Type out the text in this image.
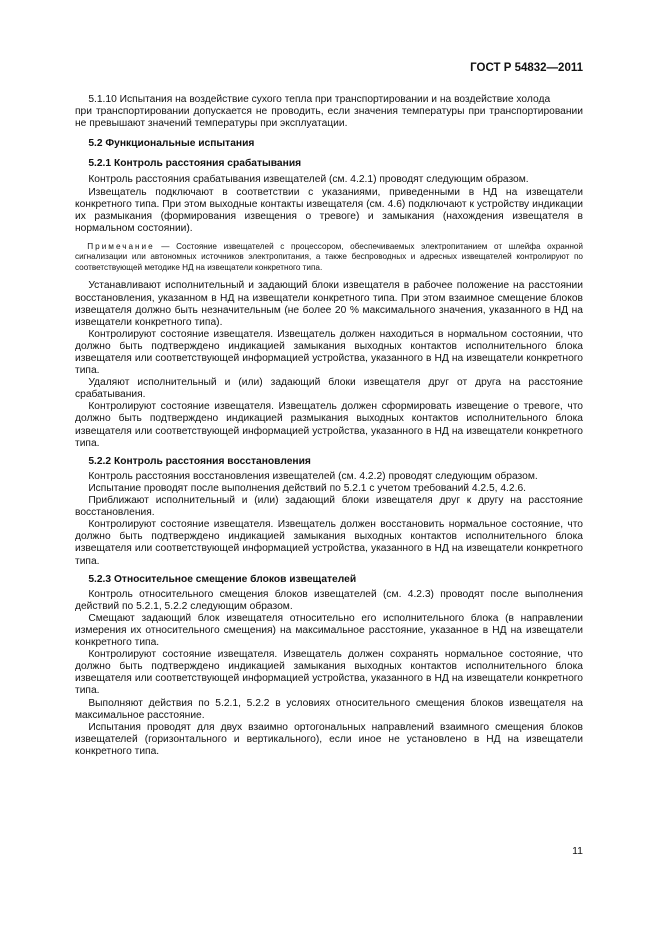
ГОСТ Р 54832—2011

5.1.10 Испытания на воздействие сухого тепла при транспортировании и на воздействие холода

при транспортировании допускается не проводить, если значения температуры при транспортировании не превышают значений температуры при эксплуатации.

5.2 Функциональные испытания

5.2.1 Контроль расстояния срабатывания

Контроль расстояния срабатывания извещателей (см. 4.2.1) проводят следующим образом.

Извещатель подключают в соответствии с указаниями, приведенными в НД на извещатели конкретного типа. При этом выходные контакты извещателя (см. 4.6) подключают к устройству индикации их размыкания (формирования извещения о тревоге) и замыкания (нахождения извещателя в нормальном состоянии).

Примечание — Состояние извещателей с процессором, обеспечиваемых электропитанием от шлейфа охранной сигнализации или автономных источников электропитания, а также беспроводных и адресных извещателей контролируют по соответствующей методике НД на извещатели конкретного типа.

Устанавливают исполнительный и задающий блоки извещателя в рабочее положение на расстоянии восстановления, указанном в НД на извещатели конкретного типа. При этом взаимное смещение блоков извещателя должно быть незначительным (не более 20 % максимального значения, указанного в НД на извещатели конкретного типа).

Контролируют состояние извещателя. Извещатель должен находиться в нормальном состоянии, что должно быть подтверждено индикацией замыкания выходных контактов исполнительного блока извещателя или соответствующей информацией устройства, указанного в НД на извещатели конкретного типа.

Удаляют исполнительный и (или) задающий блоки извещателя друг от друга на расстояние срабатывания.

Контролируют состояние извещателя. Извещатель должен сформировать извещение о тревоге, что должно быть подтверждено индикацией размыкания выходных контактов исполнительного блока извещателя или соответствующей информацией устройства, указанного в НД на извещатели конкретного типа.

5.2.2 Контроль расстояния восстановления

Контроль расстояния восстановления извещателей (см. 4.2.2) проводят следующим образом.

Испытание проводят после выполнения действий по 5.2.1 с учетом требований 4.2.5, 4.2.6.

Приближают исполнительный и (или) задающий блоки извещателя друг к другу на расстояние восстановления.

Контролируют состояние извещателя. Извещатель должен восстановить нормальное состояние, что должно быть подтверждено индикацией замыкания выходных контактов исполнительного блока извещателя или соответствующей информацией устройства, указанного в НД на извещатели конкретного типа.

5.2.3 Относительное смещение блоков извещателей

Контроль относительного смещения блоков извещателей (см. 4.2.3) проводят после выполнения действий по 5.2.1, 5.2.2 следующим образом.

Смещают задающий блок извещателя относительно его исполнительного блока (в направлении измерения их относительного смещения) на максимальное расстояние, указанное в НД на извещатели конкретного типа.

Контролируют состояние извещателя. Извещатель должен сохранять нормальное состояние, что должно быть подтверждено индикацией замыкания выходных контактов исполнительного блока извещателя или соответствующей информацией устройства, указанного в НД на извещатели конкретного типа.

Выполняют действия по 5.2.1, 5.2.2 в условиях относительного смещения блоков извещателя на максимальное расстояние.

Испытания проводят для двух взаимно ортогональных направлений взаимного смещения блоков извещателей (горизонтального и вертикального), если иное не установлено в НД на извещатели конкретного типа.

11
